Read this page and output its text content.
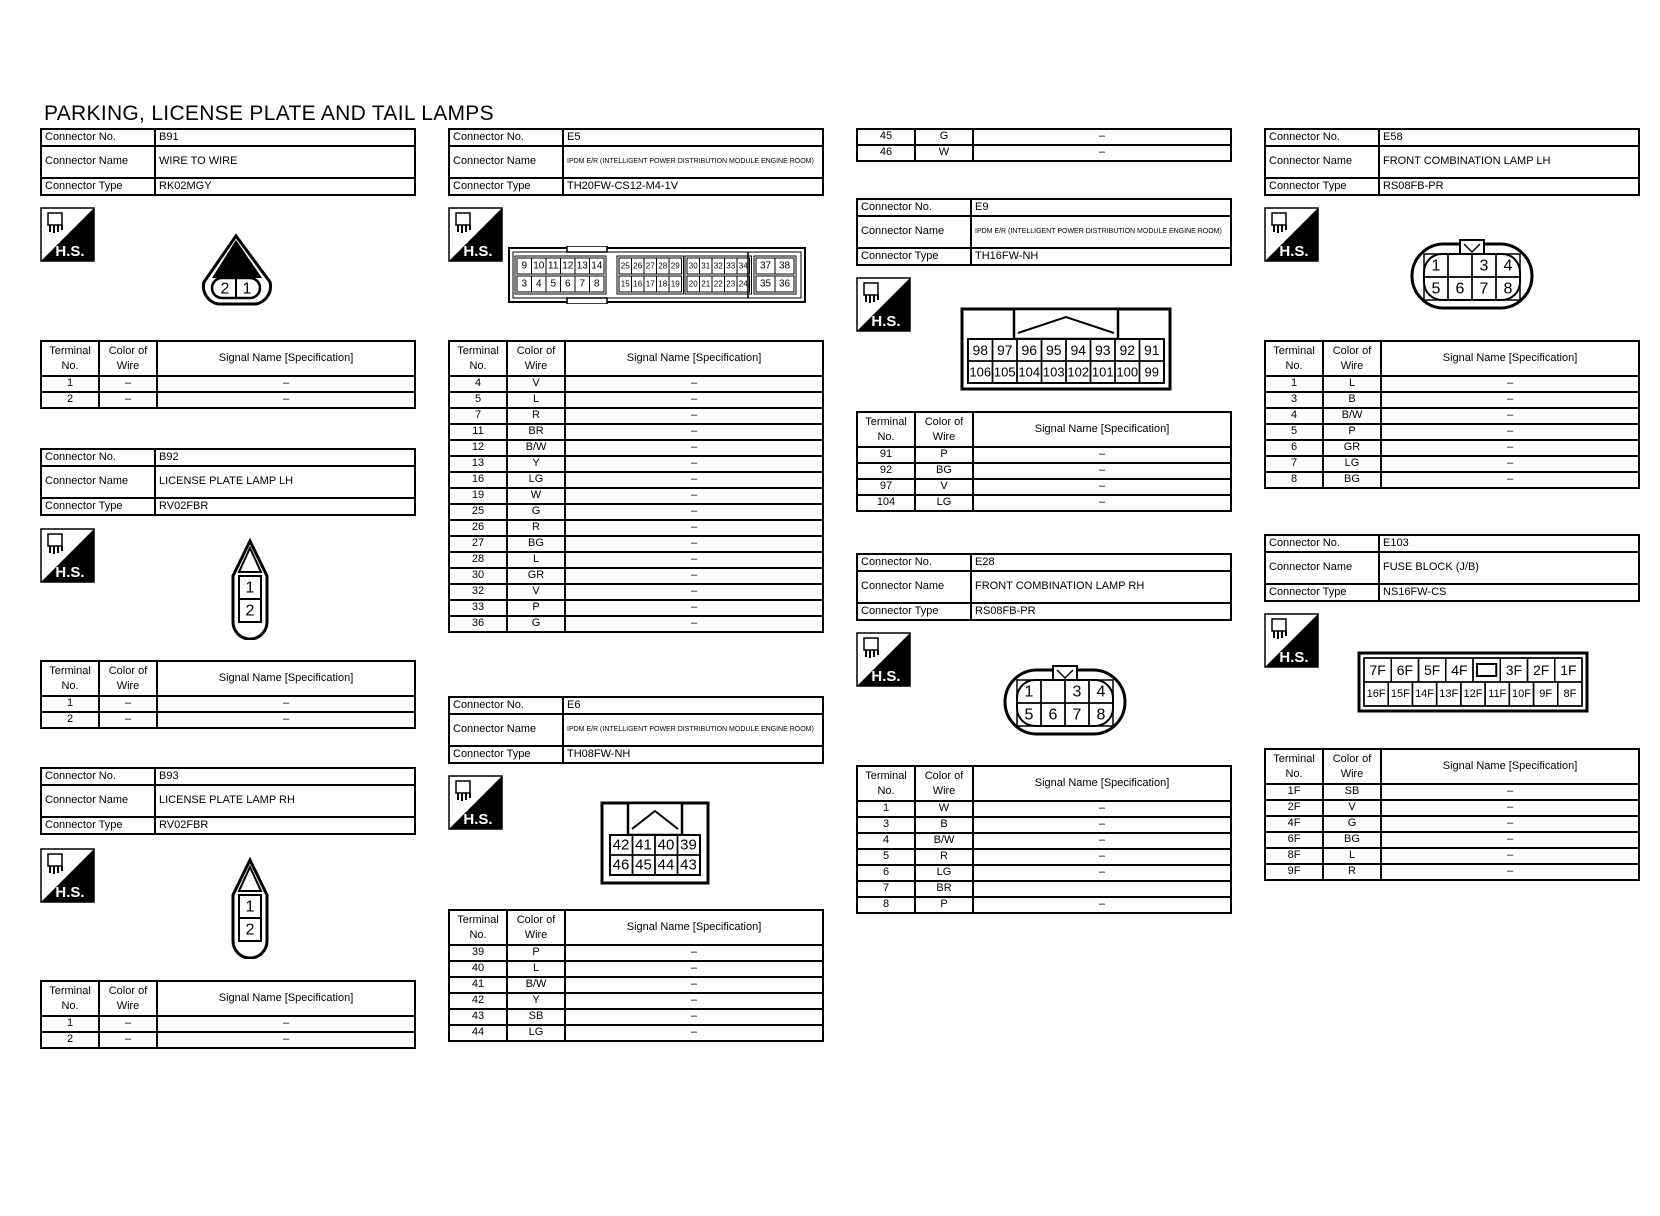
PARKING, LICENSE PLATE AND TAIL LAMPS
Connector No.	B91
Connector Name	WIRE TO WIRE
Connector Type	RK02MGY
H.S.
2 1
Terminal No.	Color of Wire	Signal Name [Specification]
1	–	–
2	–	–
Connector No.	B92
Connector Name	LICENSE PLATE LAMP LH
Connector Type	RV02FBR
H.S.
1
2
Terminal No.	Color of Wire	Signal Name [Specification]
1	–	–
2	–	–
Connector No.	B93
Connector Name	LICENSE PLATE LAMP RH
Connector Type	RV02FBR
H.S.
1
2
Terminal No.	Color of Wire	Signal Name [Specification]
1	–	–
2	–	–
Connector No.	E5
Connector Name	IPDM E/R (INTELLIGENT POWER DISTRIBUTION MODULE ENGINE ROOM)
Connector Type	TH20FW-CS12-M4-1V
H.S.
9
3
10
4
11
5
12
6
13
7
14
8
25
15
26
16
27
17
28
18
29
19
30
20
31
21
32
22
33
23
34
24
37
35
38
36
Terminal No.	Color of Wire	Signal Name [Specification]
4	V	–
5	L	–
7	R	–
11	BR	–
12	B/W	–
13	Y	–
16	LG	–
19	W	–
25	G	–
26	R	–
27	BG	–
28	L	–
30	GR	–
32	V	–
33	P	–
36	G	–
Connector No.	E6
Connector Name	IPDM E/R (INTELLIGENT POWER DISTRIBUTION MODULE ENGINE ROOM)
Connector Type	TH08FW-NH
H.S.
42
46
41
45
40
44
39
43
Terminal No.	Color of Wire	Signal Name [Specification]
39	P	–
40	L	–
41	B/W	–
42	Y	–
43	SB	–
44	LG	–
45	G	–
46	W	–
Connector No.	E9
Connector Name	IPDM E/R (INTELLIGENT POWER DISTRIBUTION MODULE ENGINE ROOM)
Connector Type	TH16FW-NH
H.S.
98
106
97
105
96
104
95
103
94
102
93
101
92
100
91
99
Terminal No.	Color of Wire	Signal Name [Specification]
91	P	–
92	BG	–
97	V	–
104	LG	–
Connector No.	E28
Connector Name	FRONT COMBINATION LAMP RH
Connector Type	RS08FB-PR
H.S.
1
5 6
3
7
4
8
Terminal No.	Color of Wire	Signal Name [Specification]
1	W	–
3	B	–
4	B/W	–
5	R	–
6	LG	–
7	BR	
8	P	–
Connector No.	E58
Connector Name	FRONT COMBINATION LAMP LH
Connector Type	RS08FB-PR
H.S.
1
5 6
3
7
4
8
Terminal No.	Color of Wire	Signal Name [Specification]
1	L	–
3	B	–
4	B/W	–
5	P	–
6	GR	–
7	LG	–
8	BG	–
Connector No.	E103
Connector Name	FUSE BLOCK (J/B)
Connector Type	NS16FW-CS
H.S.
7F 6F 5F 4F	3F 2F 1F
16F 15F 14F 13F 12F 11F 10F 9F 8F
Terminal No.	Color of Wire	Signal Name [Specification]
1F	SB	–
2F	V	–
4F	G	–
6F	BG	–
8F	L	–
9F	R	–
